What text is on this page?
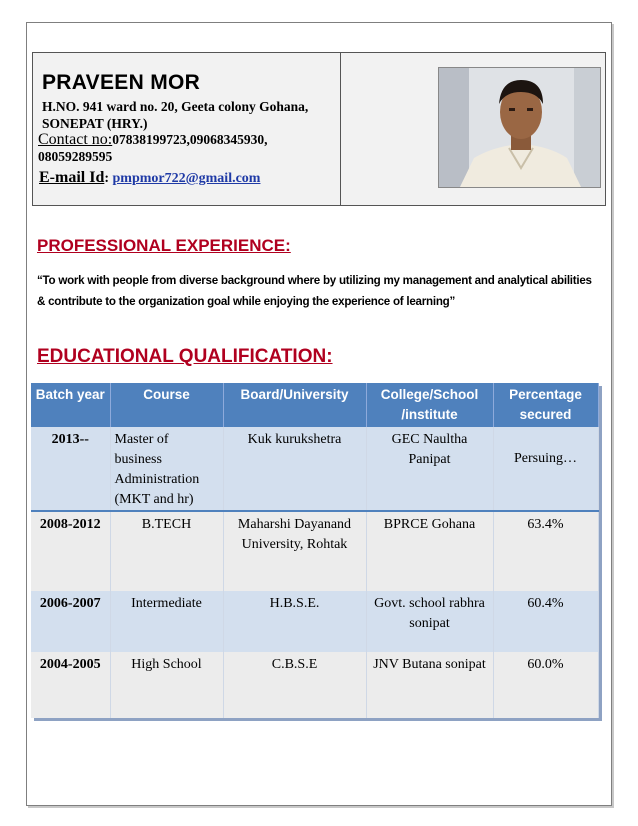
PRAVEEN MOR
H.NO. 941 ward no. 20, Geeta colony Gohana,
SONEPAT (HRY.)
Contact no:07838199723,09068345930,
08059289595
E-mail Id: pmpmor722@gmail.com
PROFESSIONAL EXPERIENCE:
“To work with people from diverse background where by utilizing my management and analytical abilities & contribute to the organization goal while enjoying the experience of learning”
EDUCATIONAL QUALIFICATION:
Batch year	Course	Board/University	College/School /institute	Percentage secured
2013--	Master of business Administration (MKT and hr)	Kuk kurukshetra	GEC Naultha Panipat	Persuing…
2008-2012	B.TECH	Maharshi Dayanand University, Rohtak	BPRCE Gohana	63.4%
2006-2007	Intermediate	H.B.S.E.	Govt. school rabhra sonipat	60.4%
2004-2005	High School	C.B.S.E	JNV Butana sonipat	60.0%
